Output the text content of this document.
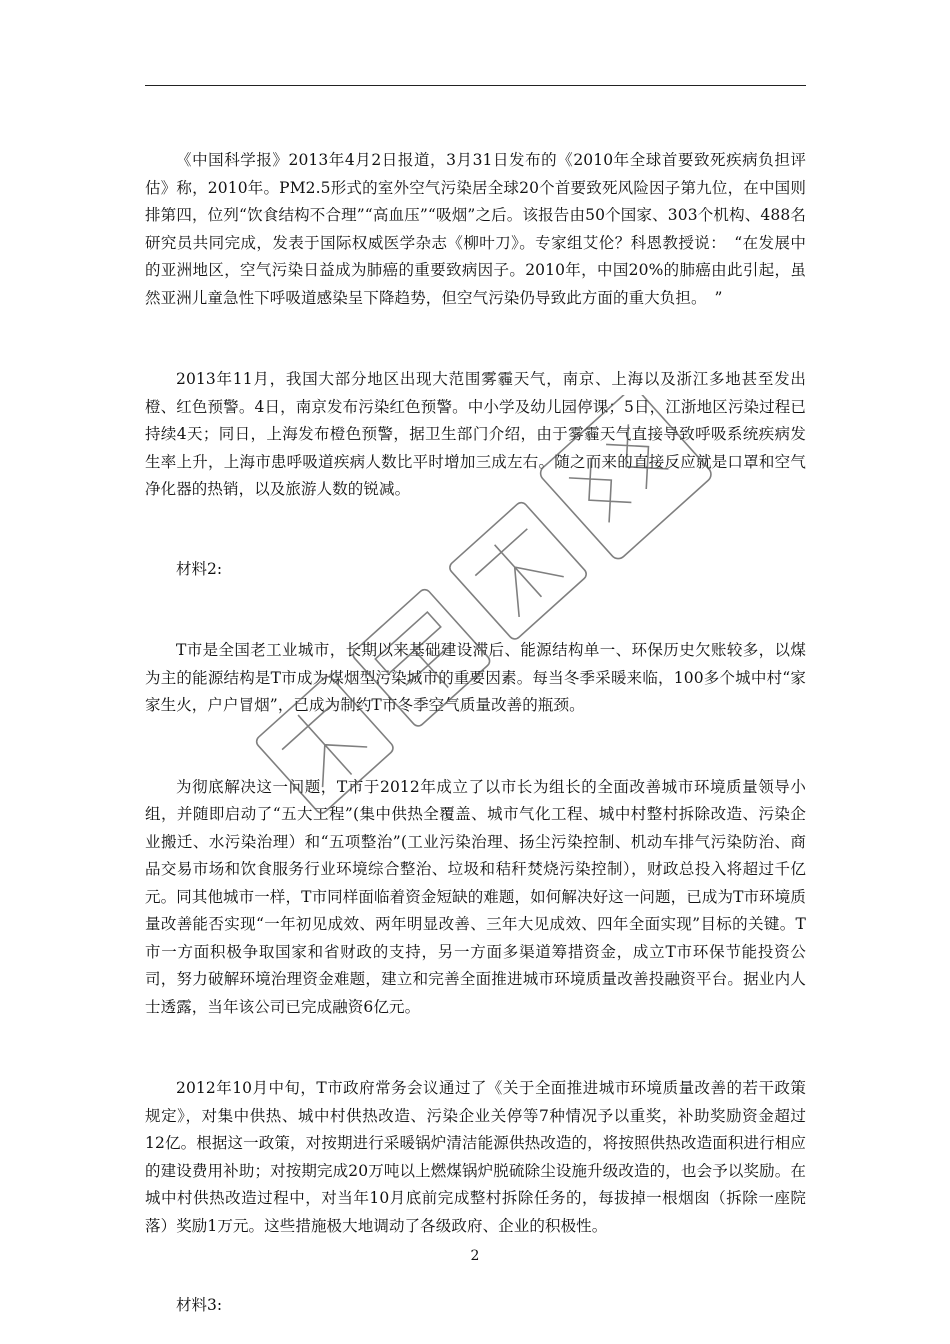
《中国科学报》2013年4月2日报道，3月31日发布的《2010年全球首要致死疾病负担评估》称，2010年。PM2.5形式的室外空气污染居全球20个首要致死风险因子第九位，在中国则排第四，位列“饮食结构不合理”“高血压”“吸烟”之后。该报告由50个国家、303个机构、488名研究员共同完成，发表于国际权威医学杂志《柳叶刀》。专家组艾伦？科恩教授说：　“在发展中的亚洲地区，空气污染日益成为肺癌的重要致病因子。2010年，中国20%的肺癌由此引起，虽然亚洲儿童急性下呼吸道感染呈下降趋势，但空气污染仍导致此方面的重大负担。　”

2013年11月，我国大部分地区出现大范围雾霾天气，南京、上海以及浙江多地甚至发出橙、红色预警。4日，南京发布污染红色预警。中小学及幼儿园停课；5日，江浙地区污染过程已持续4天；同日，上海发布橙色预警，据卫生部门介绍，由于雾霾天气直接导致呼吸系统疾病发生率上升，上海市患呼吸道疾病人数比平时增加三成左右。随之而来的直接反应就是口罩和空气净化器的热销，以及旅游人数的锐减。

材料2:

T市是全国老工业城市，长期以来基础建设滞后、能源结构单一、环保历史欠账较多，以煤为主的能源结构是T市成为煤烟型污染城市的重要因素。每当冬季采暖来临，100多个城中村“家家生火，户户冒烟”，已成为制约T市冬季空气质量改善的瓶颈。

为彻底解决这一问题，T市于2012年成立了以市长为组长的全面改善城市环境质量领导小组，并随即启动了“五大工程”(集中供热全覆盖、城市气化工程、城中村整村拆除改造、污染企业搬迁、水污染治理）和“五项整治”(工业污染治理、扬尘污染控制、机动车排气污染防治、商品交易市场和饮食服务行业环境综合整治、垃圾和秸秆焚烧污染控制），财政总投入将超过千亿元。同其他城市一样，T市同样面临着资金短缺的难题，如何解决好这一问题，已成为T市环境质量改善能否实现“一年初见成效、两年明显改善、三年大见成效、四年全面实现”目标的关键。T市一方面积极争取国家和省财政的支持，另一方面多渠道筹措资金，成立T市环保节能投资公司，努力破解环境治理资金难题，建立和完善全面推进城市环境质量改善投融资平台。据业内人士透露，当年该公司已完成融资6亿元。

2012年10月中旬，T市政府常务会议通过了《关于全面推进城市环境质量改善的若干政策规定》，对集中供热、城中村供热改造、污染企业关停等7种情况予以重奖，补助奖励资金超过12亿。根据这一政策，对按期进行采暖锅炉清洁能源供热改造的，将按照供热改造面积进行相应的建设费用补助；对按期完成20万吨以上燃煤锅炉脱硫除尘设施升级改造的，也会予以奖励。在城中村供热改造过程中，对当年10月底前完成整村拆除任务的，每拔掉一根烟囱（拆除一座院落）奖励1万元。这些措施极大地调动了各级政府、企业的积极性。

材料3:

2
